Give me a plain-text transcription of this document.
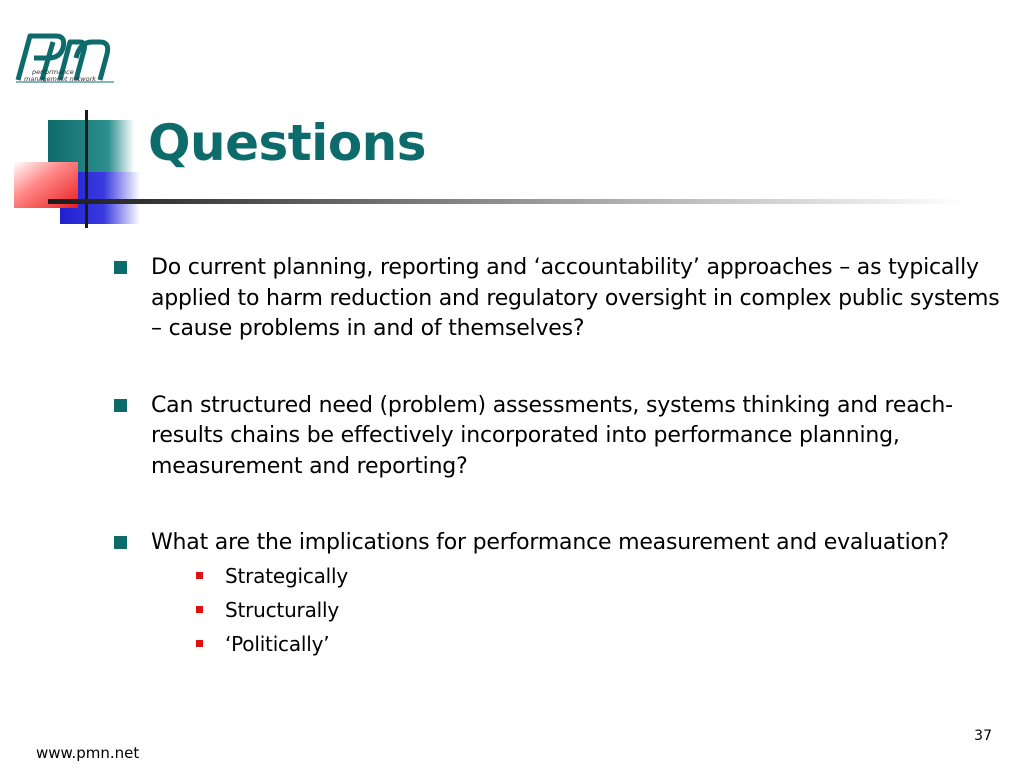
performance
management network
Questions
Do current planning, reporting and ‘accountability’ approaches – as typically applied to harm reduction and regulatory oversight in complex public systems – cause problems in and of themselves?
Can structured need (problem) assessments, systems thinking and reach-results chains be effectively incorporated into performance planning, measurement and reporting?
What are the implications for performance measurement and evaluation?
Strategically
Structurally
‘Politically’
37
www.pmn.net
